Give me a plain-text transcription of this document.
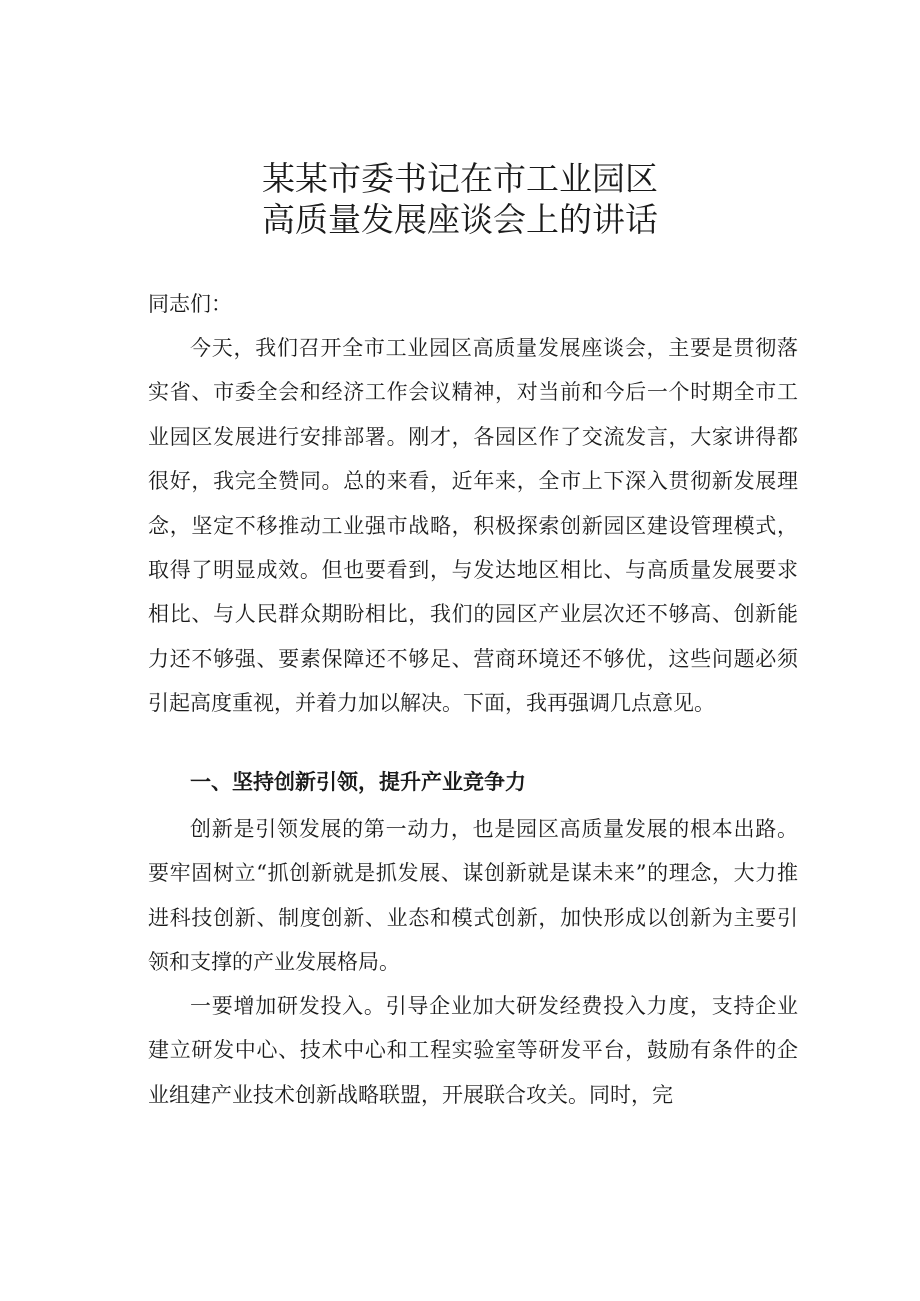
某某市委书记在市工业园区
高质量发展座谈会上的讲话

同志们：

今天，我们召开全市工业园区高质量发展座谈会，主要是贯彻落实省、市委全会和经济工作会议精神，对当前和今后一个时期全市工业园区发展进行安排部署。刚才，各园区作了交流发言，大家讲得都很好，我完全赞同。总的来看，近年来，全市上下深入贯彻新发展理念，坚定不移推动工业强市战略，积极探索创新园区建设管理模式，取得了明显成效。但也要看到，与发达地区相比、与高质量发展要求相比、与人民群众期盼相比，我们的园区产业层次还不够高、创新能力还不够强、要素保障还不够足、营商环境还不够优，这些问题必须引起高度重视，并着力加以解决。下面，我再强调几点意见。

一、坚持创新引领，提升产业竞争力

创新是引领发展的第一动力，也是园区高质量发展的根本出路。要牢固树立“抓创新就是抓发展、谋创新就是谋未来”的理念，大力推进科技创新、制度创新、业态和模式创新，加快形成以创新为主要引领和支撑的产业发展格局。

一要增加研发投入。引导企业加大研发经费投入力度，支持企业建立研发中心、技术中心和工程实验室等研发平台，鼓励有条件的企业组建产业技术创新战略联盟，开展联合攻关。同时，完
